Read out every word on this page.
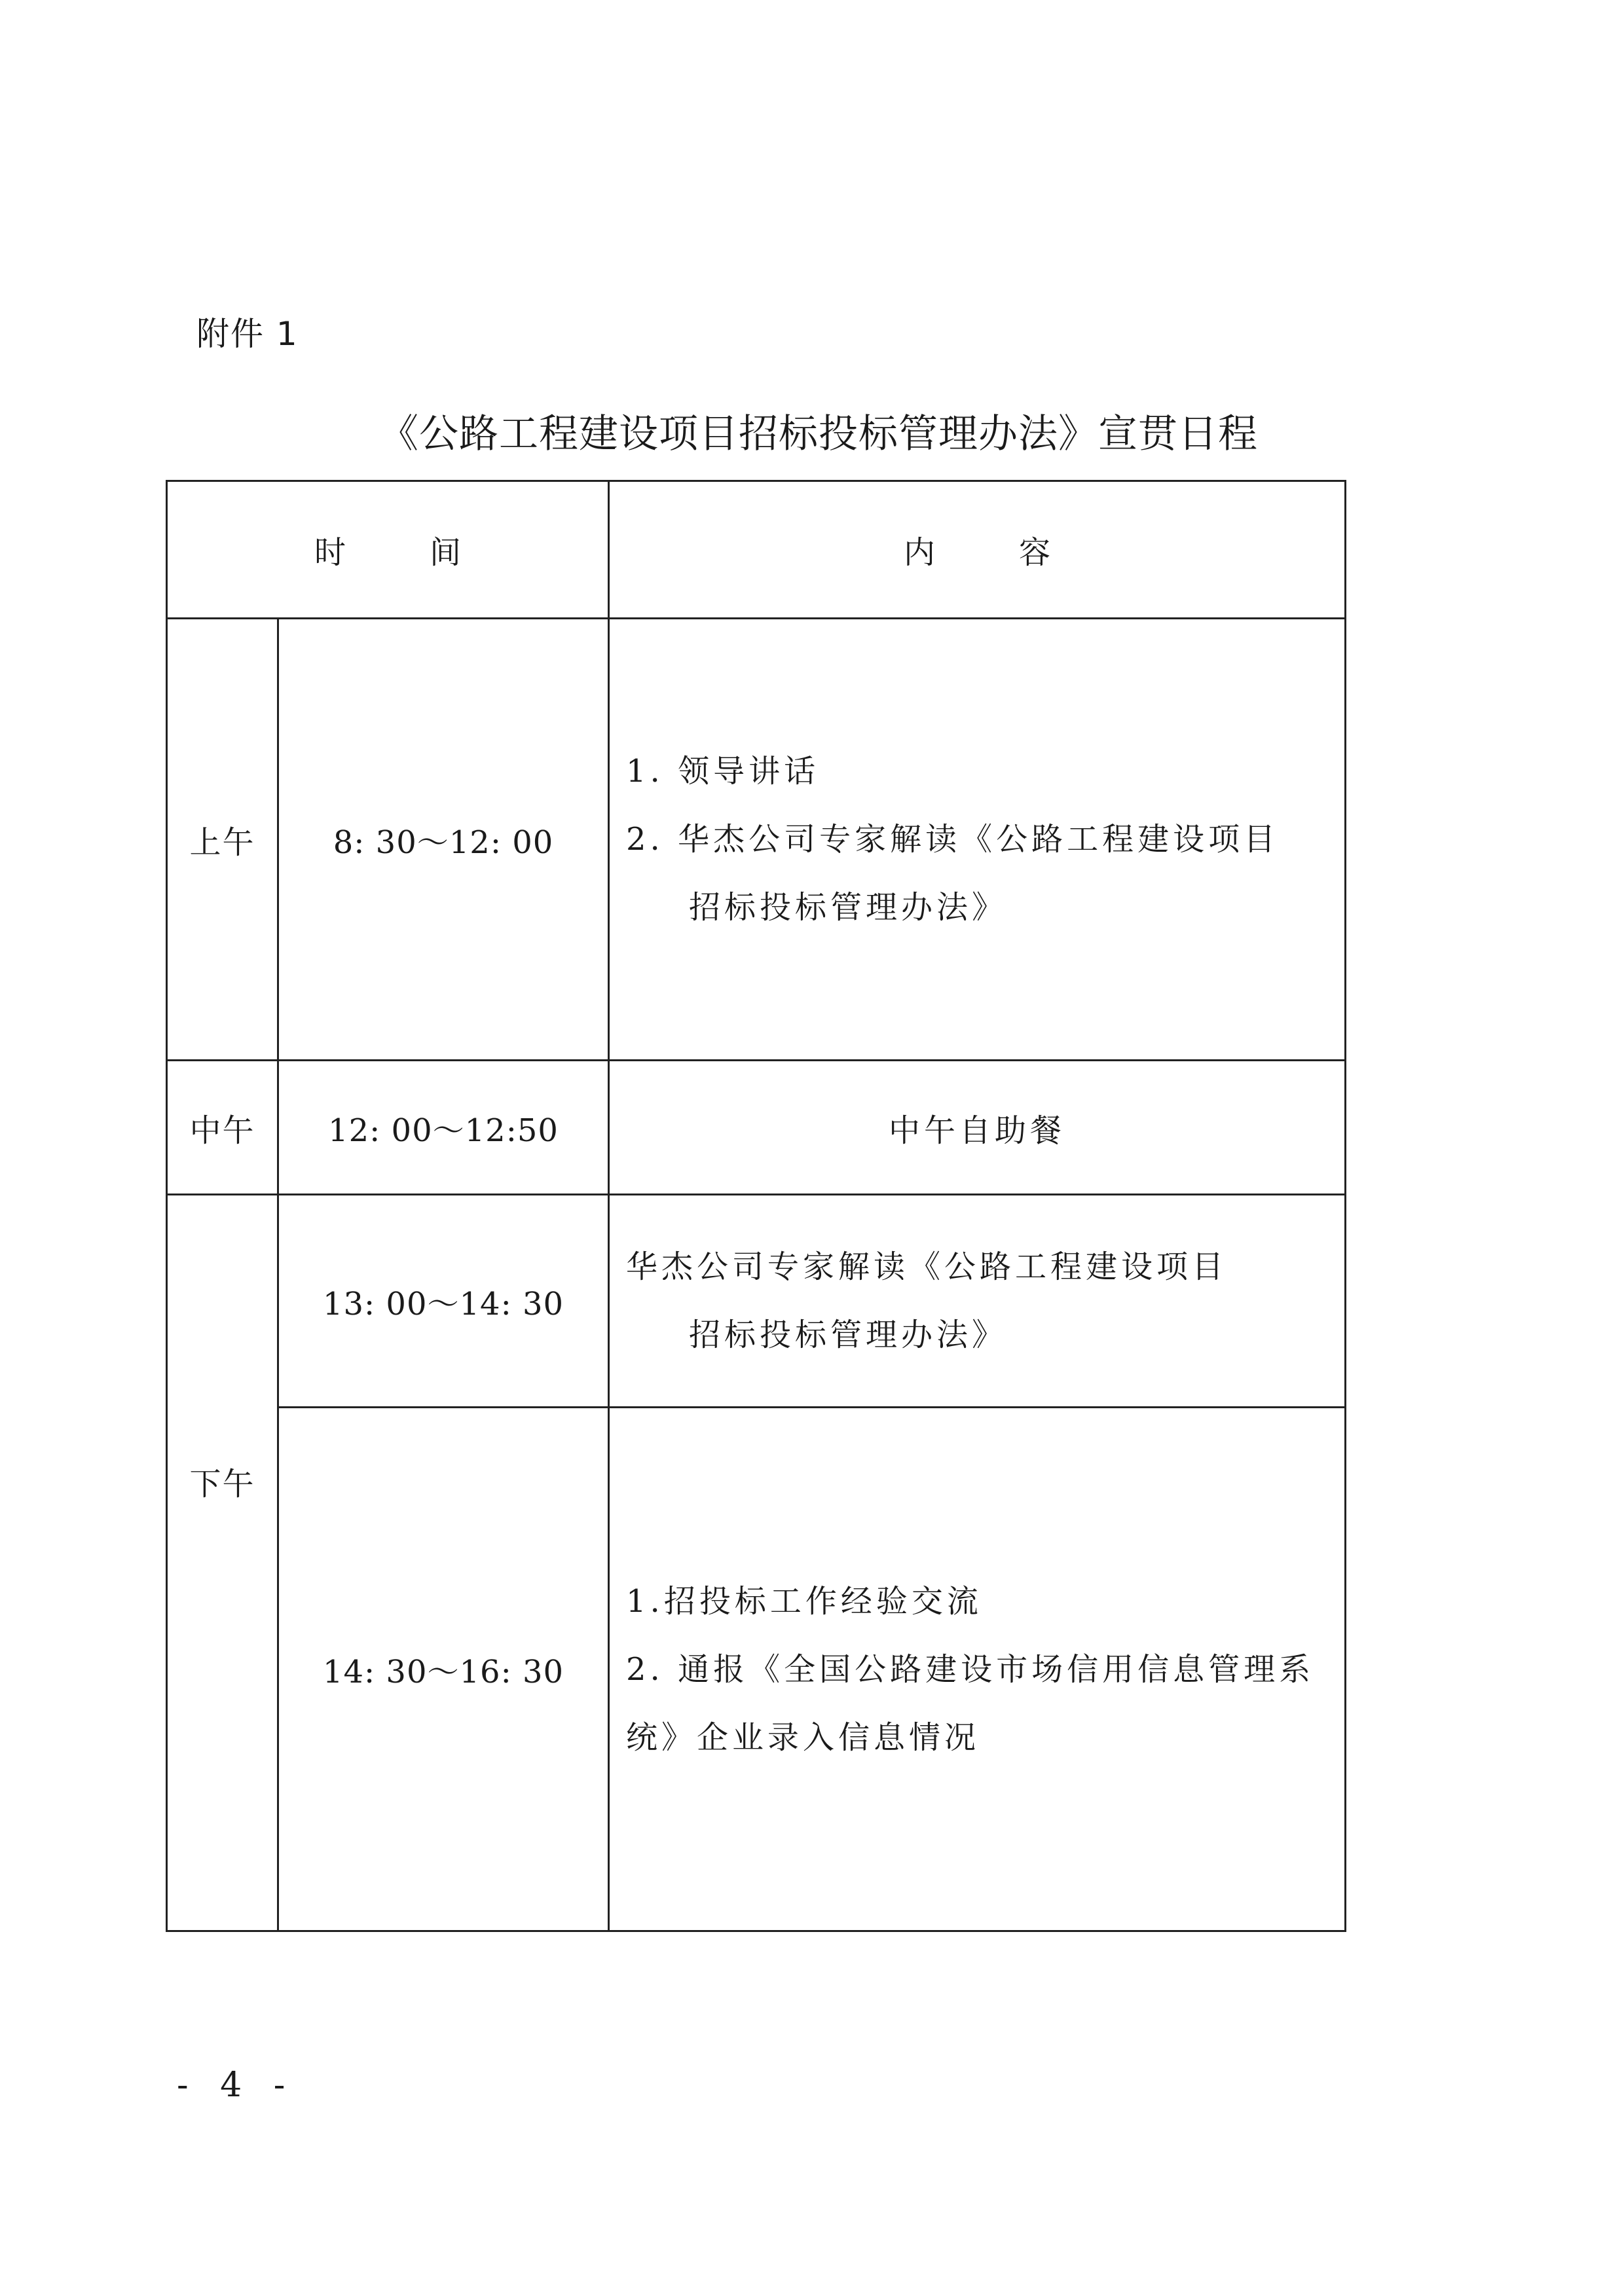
附件 1
《公路工程建设项目招标投标管理办法》宣贯日程
时　间		内　容
上午	8: 30～12: 00	1. 领导讲话
2. 华杰公司专家解读《公路工程建设项目
招标投标管理办法》

中午	12: 00～12:50	中午自助餐
下午	13: 00～14: 30	华杰公司专家解读《公路工程建设项目
招标投标管理办法》

	14: 30～16: 30	1.招投标工作经验交流
2. 通报《全国公路建设市场信用信息管理系
统》企业录入信息情况
- 4 -
